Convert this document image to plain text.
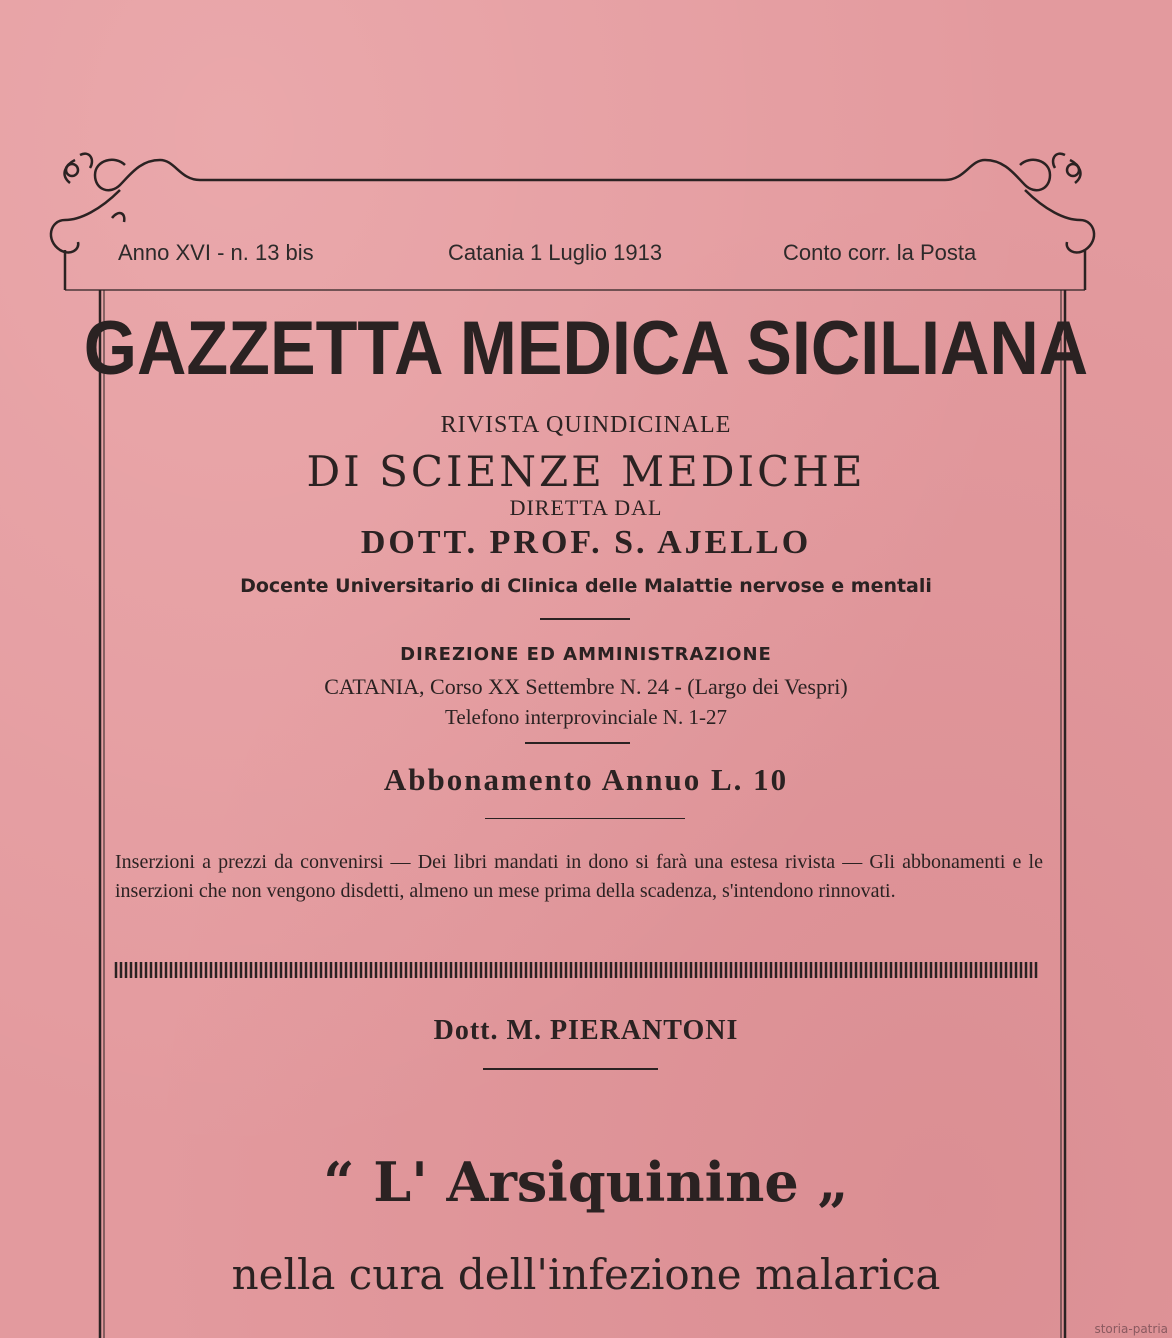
Anno XVI - n. 13 bis	Catania 1 Luglio 1913	Conto corr. la Posta
GAZZETTA MEDICA SICILIANA
RIVISTA QUINDICINALE
DI SCIENZE MEDICHE
DIRETTA DAL
DOTT. PROF. S. AJELLO
Docente Universitario di Clinica delle Malattie nervose e mentali
DIREZIONE ED AMMINISTRAZIONE
CATANIA, Corso XX Settembre N. 24 - (Largo dei Vespri)
Telefono interprovinciale N. 1-27
Abbonamento Annuo L. 10
Inserzioni a prezzi da convenirsi — Dei libri mandati in dono si farà una estesa rivista — Gli abbonamenti e le inserzioni che non vengono disdetti, almeno un mese prima della scadenza, s'intendono rinnovati.
Dott. M. PIERANTONI
“ L' Arsiquinine „
nella cura dell'infezione malarica
storia-patria
